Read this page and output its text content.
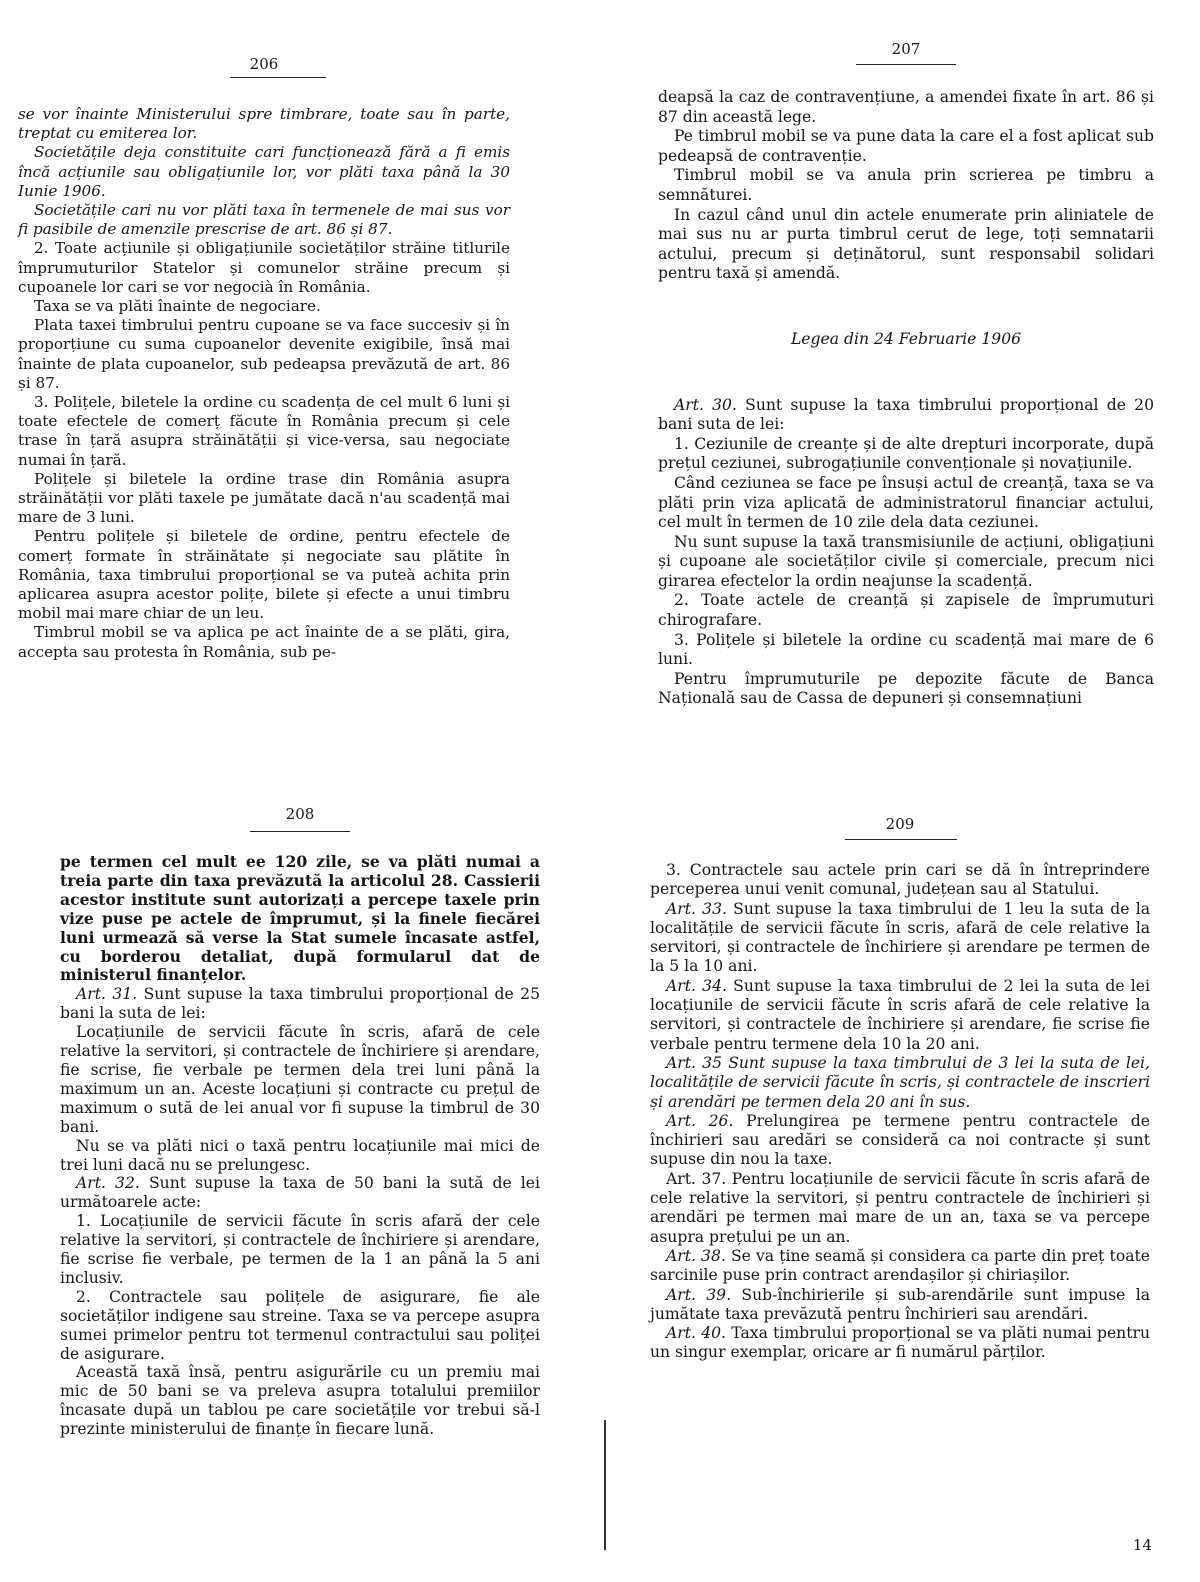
206

se vor înainte Ministerului spre timbrare, toate sau în parte, treptat cu emiterea lor.

Societățile deja constituite cari funcționează fără a fi emis încă acțiunile sau obligațiunile lor, vor plăti taxa până la 30 Iunie 1906.

Societățile cari nu vor plăti taxa în termenele de mai sus vor fi pasibile de amenzile prescrise de art. 86 și 87.

2. Toate acțiunile și obligațiunile societăților străine titlurile împrumuturilor Statelor și comunelor străine precum și cupoanele lor cari se vor negocià în România.

Taxa se va plăti înainte de negociare.

Plata taxei timbrului pentru cupoane se va face succesiv și în proporțiune cu suma cupoanelor devenite exigibile, însă mai înainte de plata cupoanelor, sub pedeapsa prevăzută de art. 86 și 87.

3. Polițele, biletele la ordine cu scadența de cel mult 6 luni și toate efectele de comerț făcute în România precum și cele trase în țară asupra străinătății și vice-versa, sau negociate numai în țară.

Polițele și biletele la ordine trase din România asupra străinătății vor plăti taxele pe jumătate dacă n'au scadență mai mare de 3 luni.

Pentru polițele și biletele de ordine, pentru efectele de comerț formate în străinătate și negociate sau plătite în România, taxa timbrului proporțional se va puteà achita prin aplicarea asupra acestor polițe, bilete și efecte a unui timbru mobil mai mare chiar de un leu.

Timbrul mobil se va aplica pe act înainte de a se plăti, gira, accepta sau protesta în România, sub pe-

207

deapsă la caz de contravențiune, a amendei fixate în art. 86 și 87 din această lege.

Pe timbrul mobil se va pune data la care el a fost aplicat sub pedeapsă de contravenție.

Timbrul mobil se va anula prin scrierea pe timbru a semnăturei.

In cazul când unul din actele enumerate prin aliniatele de mai sus nu ar purta timbrul cerut de lege, toți semnatarii actului, precum și deținătorul, sunt responsabil solidari pentru taxă și amendă.

Legea din 24 Februarie 1906

Art. 30. Sunt supuse la taxa timbrului proporțional de 20 bani suta de lei:

1. Ceziunile de creanțe și de alte drepturi incorporate, după prețul ceziunei, subrogațiunile convenționale și novațiunile.

Când ceziunea se face pe însuși actul de creanță, taxa se va plăti prin viza aplicată de administratorul financiar actului, cel mult în termen de 10 zile dela data ceziunei.

Nu sunt supuse la taxă transmisiunile de acțiuni, obligațiuni și cupoane ale societăților civile și comerciale, precum nici girarea efectelor la ordin neajunse la scadență.

2. Toate actele de creanță și zapisele de împrumuturi chirografare.

3. Polițele și biletele la ordine cu scadență mai mare de 6 luni.

Pentru împrumuturile pe depozite făcute de Banca Națională sau de Cassa de depuneri și consemnațiuni

208

pe termen cel mult ee 120 zile, se va plăti numai a treia parte din taxa prevăzută la articolul 28. Cassierii acestor institute sunt autorizați a percepe taxele prin vize puse pe actele de împrumut, și la finele fiecărei luni urmează să verse la Stat sumele încasate astfel, cu borderou detaliat, după formularul dat de ministerul finanțelor.

Art. 31. Sunt supuse la taxa timbrului proporțional de 25 bani la suta de lei:

Locațiunile de servicii făcute în scris, afară de cele relative la servitori, și contractele de închiriere și arendare, fie scrise, fie verbale pe termen dela trei luni până la maximum un an. Aceste locațiuni și contracte cu prețul de maximum o sută de lei anual vor fi supuse la timbrul de 30 bani.

Nu se va plăti nici o taxă pentru locațiunile mai mici de trei luni dacă nu se prelungesc.

Art. 32. Sunt supuse la taxa de 50 bani la sută de lei următoarele acte:

1. Locațiunile de servicii făcute în scris afară der cele relative la servitori, și contractele de închiriere și arendare, fie scrise fie verbale, pe termen de la 1 an până la 5 ani inclusiv.

2. Contractele sau polițele de asigurare, fie ale societăților indigene sau streine. Taxa se va percepe asupra sumei primelor pentru tot termenul contractului sau poliței de asigurare.

Această taxă însă, pentru asigurările cu un premiu mai mic de 50 bani se va preleva asupra totalului premiilor încasate după un tablou pe care societățile vor trebui să-l prezinte ministerului de finanțe în fiecare lună.

209

3. Contractele sau actele prin cari se dă în întreprindere perceperea unui venit comunal, județean sau al Statului.

Art. 33. Sunt supuse la taxa timbrului de 1 leu la suta de la localitățile de servicii făcute în scris, afară de cele relative la servitori, și contractele de închiriere și arendare pe termen de la 5 la 10 ani.

Art. 34. Sunt supuse la taxa timbrului de 2 lei la suta de lei locațiunile de servicii făcute în scris afară de cele relative la servitori, și contractele de închiriere și arendare, fie scrise fie verbale pentru termene dela 10 la 20 ani.

Art. 35 Sunt supuse la taxa timbrului de 3 lei la suta de lei, localitățile de servicii făcute în scris, și contractele de inscrieri și arendări pe termen dela 20 ani în sus.

Art. 26. Prelungirea pe termene pentru contractele de închirieri sau aredări se consideră ca noi contracte și sunt supuse din nou la taxe.

Art. 37. Pentru locațiunile de servicii făcute în scris afară de cele relative la servitori, și pentru contractele de închirieri și arendări pe termen mai mare de un an, taxa se va percepe asupra prețului pe un an.

Art. 38. Se va ține seamă și considera ca parte din preț toate sarcinile puse prin contract arendașilor și chiriașilor.

Art. 39. Sub-închirierile și sub-arendările sunt impuse la jumătate taxa prevăzută pentru închirieri sau arendări.

Art. 40. Taxa timbrului proporțional se va plăti numai pentru un singur exemplar, oricare ar fi numărul părților.

14
